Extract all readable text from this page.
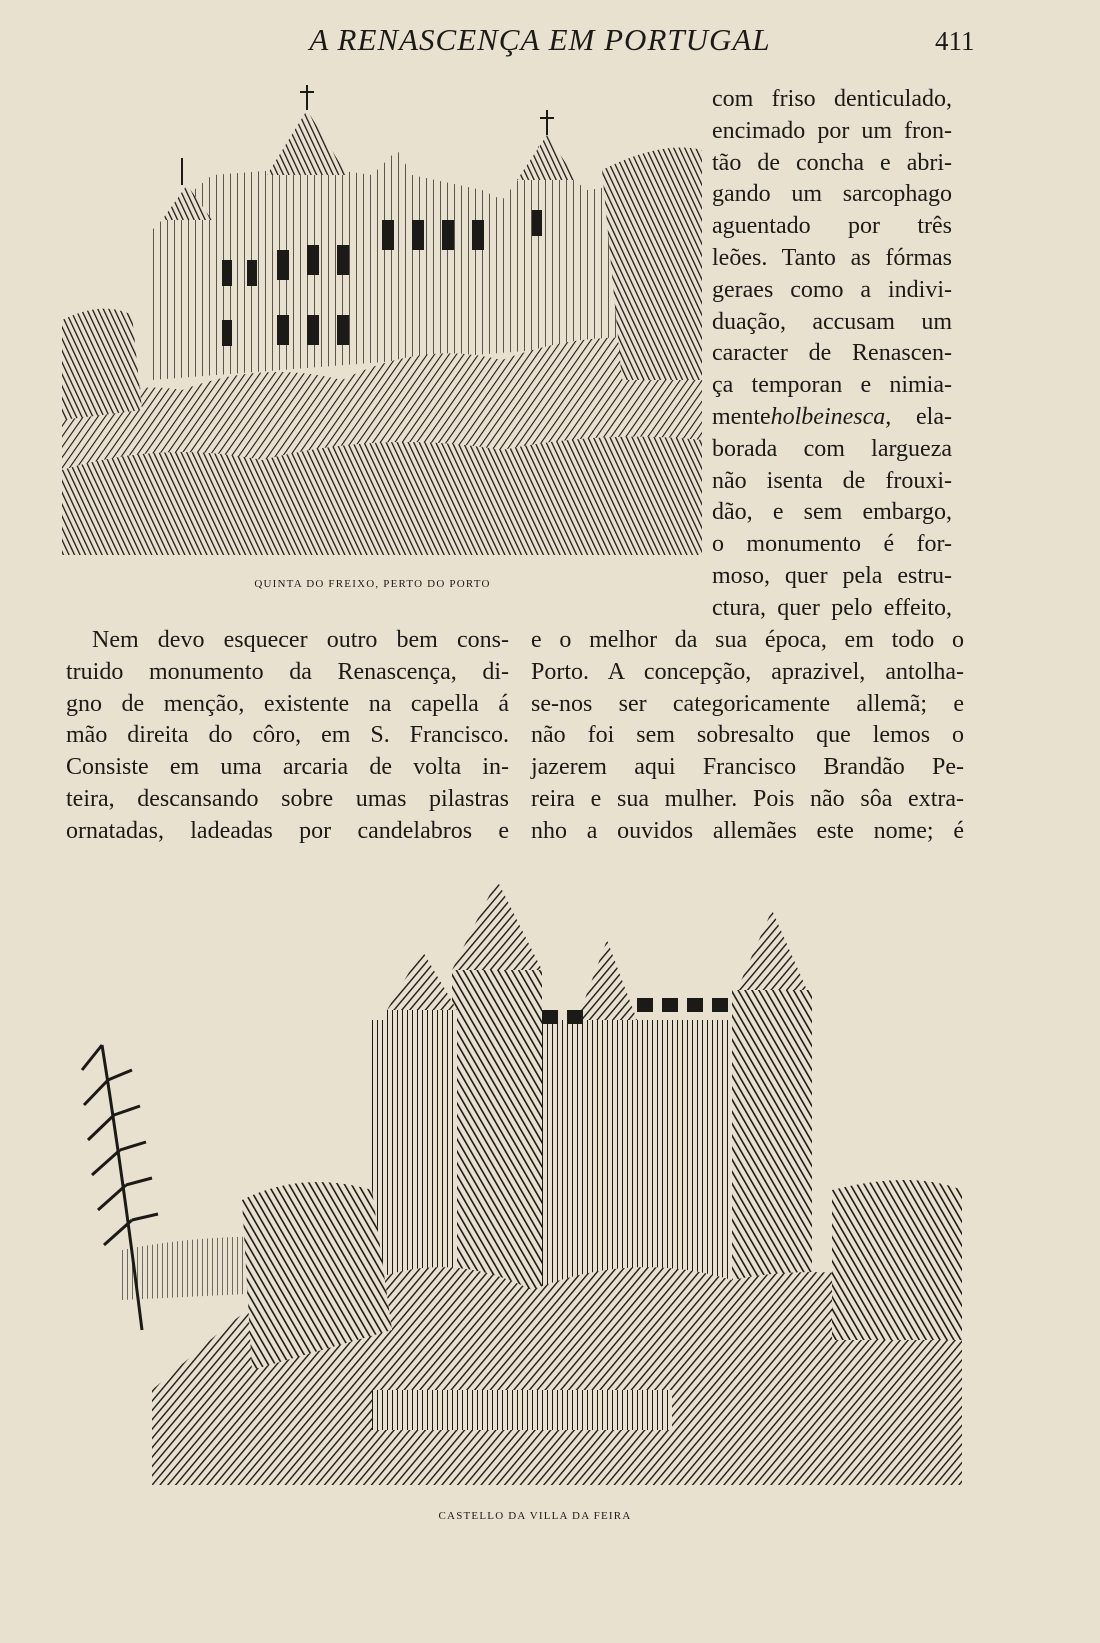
A RENASCENÇA EM PORTUGAL	411
QUINTA DO FREIXO, PERTO DO PORTO
com friso denticulado,
encimado por um fron-
tão de concha e abri-
gando um sarcophago
aguentado por três
leões. Tanto as fórmas
geraes como a indivi-
duação, accusam um
caracter de Renascen-
ça temporan e nimia-
menteholbeinesca, ela-
borada com largueza
não isenta de frouxi-
dão, e sem embargo,
o monumento é for-
moso, quer pela estru-
ctura, quer pelo effeito,
Nem devo esquecer outro bem cons-
truido monumento da Renascença, di-
gno de menção, existente na capella á
mão direita do côro, em S. Francisco.
Consiste em uma arcaria de volta in-
teira, descansando sobre umas pilastras
ornatadas, ladeadas por candelabros e
e o melhor da sua época, em todo o
Porto. A concepção, aprazivel, antolha-
se-nos ser categoricamente allemã; e
não foi sem sobresalto que lemos o
jazerem aqui Francisco Brandão Pe-
reira e sua mulher. Pois não sôa extra-
nho a ouvidos allemães este nome; é
CASTELLO DA VILLA DA FEIRA
